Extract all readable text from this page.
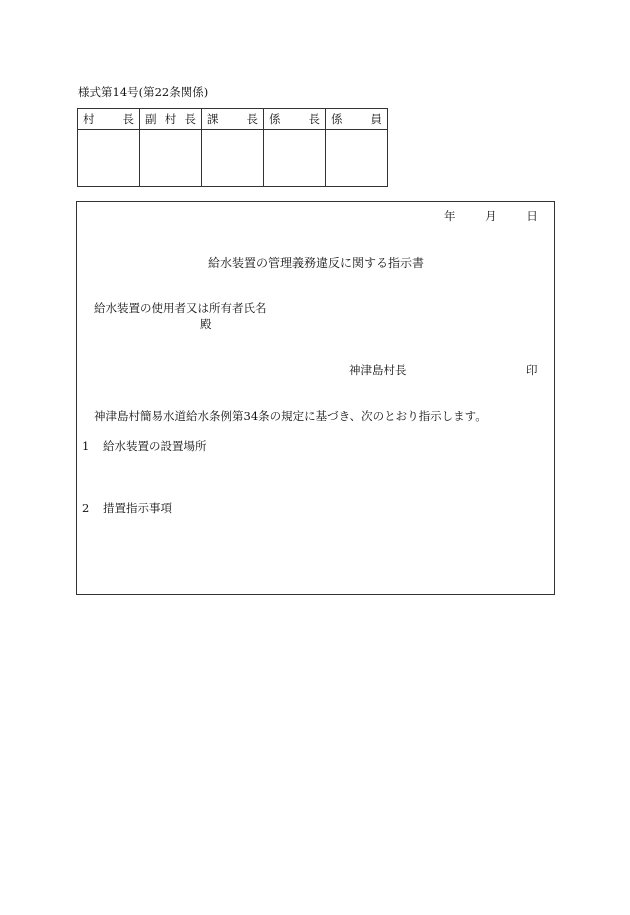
様式第14号(第22条関係)
村 長	副 村 長	課 長	係 長	係 員

年	月	日
給水装置の管理義務違反に関する指示書
給水装置の使用者又は所有者氏名
殿
神津島村長	印
神津島村簡易水道給水条例第34条の規定に基づき、次のとおり指示します。
1 給水装置の設置場所
2 措置指示事項
